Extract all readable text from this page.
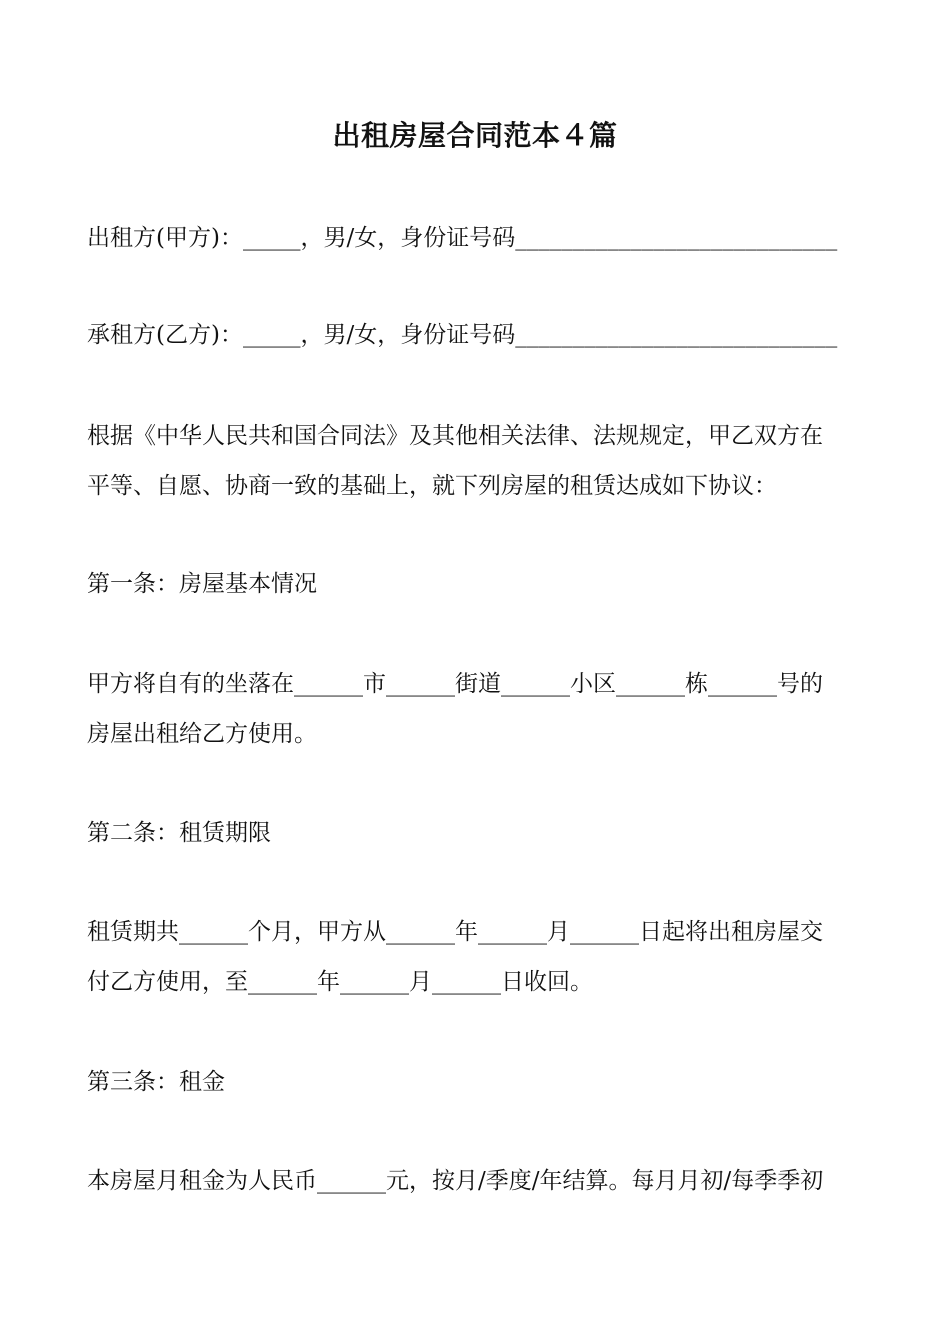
出租房屋合同范本４篇
出租方(甲方)：_____，男/女，身份证号码____________________________
承租方(乙方)：_____，男/女，身份证号码____________________________
根据《中华人民共和国合同法》及其他相关法律、法规规定，甲乙双方在
平等、自愿、协商一致的基础上，就下列房屋的租赁达成如下协议：
第一条：房屋基本情况
甲方将自有的坐落在______市______街道______小区______栋______号的
房屋出租给乙方使用。
第二条：租赁期限
租赁期共______个月，甲方从______年______月______日起将出租房屋交
付乙方使用，至______年______月______日收回。
第三条：租金
本房屋月租金为人民币______元，按月/季度/年结算。每月月初/每季季初
